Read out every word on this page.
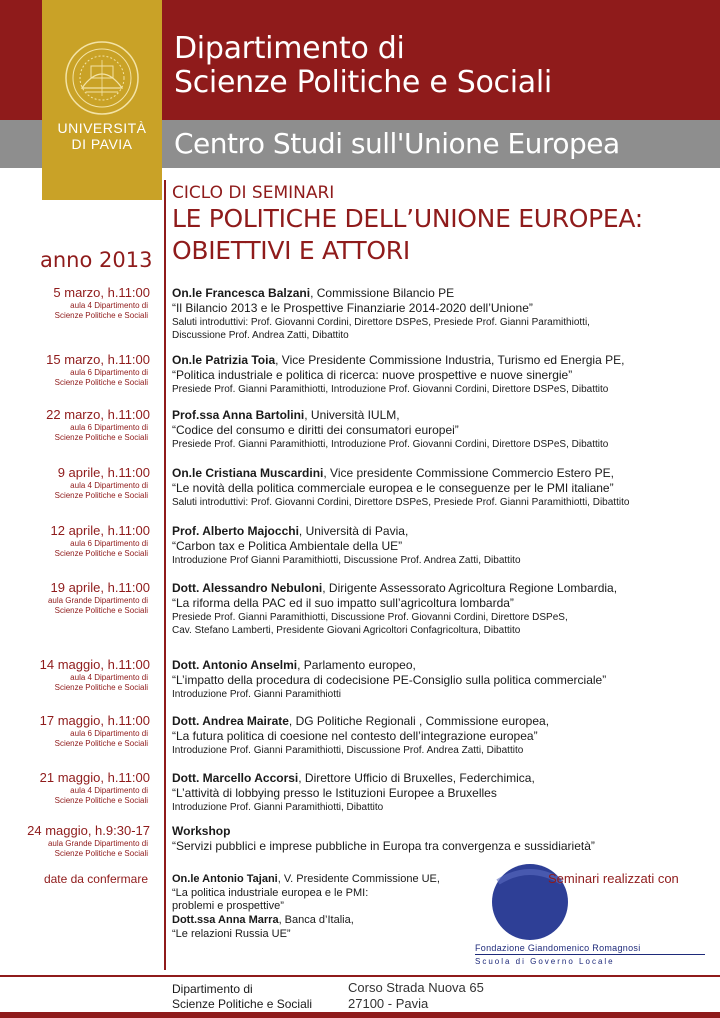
UNIVERSITÀ
DI PAVIA
Dipartimento di
Scienze Politiche e Sociali
Centro Studi sull'Unione Europea
CICLO DI SEMINARI
LE POLITICHE DELL’UNIONE EUROPEA:
OBIETTIVI E ATTORI
anno 2013
5 marzo, h.11:00
aula 4 Dipartimento di
Scienze Politiche e Sociali
On.le Francesca Balzani, Commissione Bilancio PE
“Il Bilancio 2013 e le Prospettive Finanziarie 2014-2020 dell’Unione”
Saluti introduttivi: Prof. Giovanni Cordini, Direttore DSPeS, Presiede Prof. Gianni Paramithiotti,
Discussione Prof. Andrea Zatti, Dibattito
15 marzo, h.11:00
aula 6 Dipartimento di
Scienze Politiche e Sociali
On.le Patrizia Toia, Vice Presidente Commissione Industria, Turismo ed Energia PE,
“Politica industriale e politica di ricerca: nuove prospettive e nuove sinergie”
Presiede Prof. Gianni Paramithiotti, Introduzione Prof. Giovanni Cordini, Direttore DSPeS, Dibattito
22 marzo, h.11:00
aula 6 Dipartimento di
Scienze Politiche e Sociali
Prof.ssa Anna Bartolini, Università IULM,
“Codice del consumo e diritti dei consumatori europei”
Presiede Prof. Gianni Paramithiotti, Introduzione Prof. Giovanni Cordini, Direttore DSPeS, Dibattito
9 aprile, h.11:00
aula 4 Dipartimento di
Scienze Politiche e Sociali
On.le Cristiana Muscardini, Vice presidente Commissione Commercio Estero PE,
“Le novità della politica commerciale europea e le conseguenze per le PMI italiane”
Saluti introduttivi: Prof. Giovanni Cordini, Direttore DSPeS, Presiede Prof. Gianni Paramithiotti, Dibattito
12 aprile, h.11:00
aula 6 Dipartimento di
Scienze Politiche e Sociali
Prof. Alberto Majocchi, Università di Pavia,
“Carbon tax e Politica Ambientale della UE”
Introduzione Prof Gianni Paramithiotti, Discussione Prof. Andrea Zatti, Dibattito
19 aprile, h.11:00
aula Grande Dipartimento di
Scienze Politiche e Sociali
Dott. Alessandro Nebuloni, Dirigente Assessorato Agricoltura Regione Lombardia,
“La riforma della PAC ed il suo impatto sull’agricoltura lombarda”
Presiede Prof. Gianni Paramithiotti, Discussione Prof. Giovanni Cordini, Direttore DSPeS,
Cav. Stefano Lamberti, Presidente Giovani Agricoltori Confagricoltura, Dibattito
14 maggio, h.11:00
aula 4 Dipartimento di
Scienze Politiche e Sociali
Dott. Antonio Anselmi, Parlamento europeo,
“L’impatto della procedura di codecisione PE-Consiglio sulla politica commerciale”
Introduzione Prof. Gianni Paramithiotti
17 maggio, h.11:00
aula 6 Dipartimento di
Scienze Politiche e Sociali
Dott. Andrea Mairate, DG Politiche Regionali , Commissione europea,
“La futura politica di coesione nel contesto dell’integrazione europea”
Introduzione Prof. Gianni Paramithiotti, Discussione Prof. Andrea Zatti, Dibattito
21 maggio, h.11:00
aula 4 Dipartimento di
Scienze Politiche e Sociali
Dott. Marcello Accorsi, Direttore Ufficio di Bruxelles, Federchimica,
“L’attività di lobbying presso le Istituzioni Europee a Bruxelles
Introduzione Prof. Gianni Paramithiotti, Dibattito
24 maggio, h.9:30-17
aula Grande Dipartimento di
Scienze Politiche e Sociali
Workshop
“Servizi pubblici e imprese pubbliche in Europa tra convergenza e sussidiarietà”
date da confermare On.le Antonio Tajani, V. Presidente Commissione UE,
“La politica industriale europea e le PMI:
problemi e prospettive”
Dott.ssa Anna Marra, Banca d’Italia,
“Le relazioni Russia UE”
Seminari realizzati con
Fondazione Giandomenico Romagnosi
Scuola di Governo Locale
Dipartimento di
Scienze Politiche e Sociali
Corso Strada Nuova 65
27100 - Pavia
